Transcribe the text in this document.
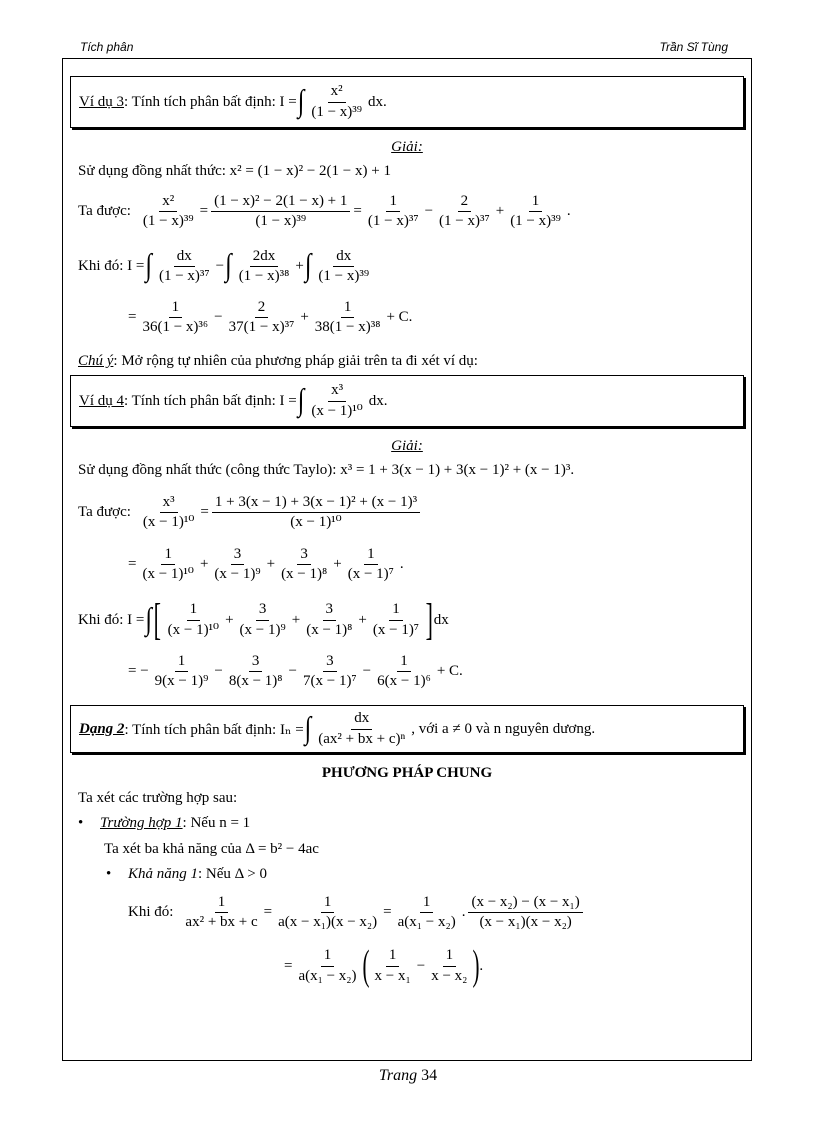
Tích phân	Trần Sĩ Tùng
Ví dụ 3 : Tính tích phân bất định: I = ∫ $\frac{\text{x²}}{\text{(1 − x)³⁹}}$ dx.
Giải:
Sử dụng đồng nhất thức: x² = (1 − x)² − 2(1 − x) + 1
Ta được: $\frac{\text{x²}}{\text{(1 − x)³⁹}} = \frac{\text{(1 − x)² − 2(1 − x) + 1}}{\text{(1 − x)³⁹}} = \frac{1}{\text{(1 − x)³⁷}} - \frac{2}{\text{(1 − x)³⁷}} + \frac{1}{\text{(1 − x)³⁹}}$ .
Khi đó: I = ∫ $\frac{dx}{\text{(1 − x)³⁷}}$ − ∫ $\frac{2dx}{\text{(1 − x)³⁸}}$ + ∫ $\frac{dx}{\text{(1 − x)³⁹}}$
= $\frac{1}{\text{36(1 − x)³⁶}} - \frac{2}{\text{37(1 − x)³⁷}} + \frac{1}{\text{38(1 − x)³⁸}} + C$.
Chú ý : Mở rộng tự nhiên của phương pháp giải trên ta đi xét ví dụ:
Ví dụ 4 : Tính tích phân bất định: I = ∫ $\frac{\text{x³}}{\text{(x − 1)¹⁰}}$ dx.
Giải:
Sử dụng đồng nhất thức (công thức Taylo): x³ = 1 + 3(x − 1) + 3(x − 1)² + (x − 1)³.
Ta được: $\frac{\text{x³}}{\text{(x − 1)¹⁰}} = \frac{\text{1 + 3(x − 1) + 3(x − 1)² + (x − 1)³}}{\text{(x − 1)¹⁰}}$
= $\frac{1}{\text{(x − 1)¹⁰}} + \frac{3}{\text{(x − 1)⁹}} + \frac{3}{\text{(x − 1)⁸}} + \frac{1}{\text{(x − 1)⁷}}$ .
Khi đó: I = ∫ [ $\frac{1}{\text{(x − 1)¹⁰}} + \frac{3}{\text{(x − 1)⁹}} + \frac{3}{\text{(x − 1)⁸}} + \frac{1}{\text{(x − 1)⁷}}$ ] dx
= − $\frac{1}{\text{9(x − 1)⁹}} - \frac{3}{\text{8(x − 1)⁸}} - \frac{3}{\text{7(x − 1)⁷}} - \frac{1}{\text{6(x − 1)⁶}} + C$.
Dạng 2 : Tính tích phân bất định: Iₙ = ∫ $\frac{dx}{\text{(ax² + bx + c)ⁿ}}$ , với a ≠ 0 và n nguyên dương.
PHƯƠNG PHÁP CHUNG
Ta xét các trường hợp sau:
•	Trường hợp 1 : Nếu n = 1
Ta xét ba khả năng của Δ = b² − 4ac
•	Khả năng 1 : Nếu Δ > 0
Khi đó: $\frac{1}{\text{ax² + bx + c}} = \frac{1}{\text{a(x − x₁)(x − x₂)}} = \frac{1}{\text{a(x₁ − x₂)}}$ . $\frac{\text{(x − x₂) − (x − x₁)}}{\text{(x − x₁)(x − x₂)}}$
= $\frac{1}{\text{a(x₁ − x₂)}}$ ( $\frac{1}{\text{x − x₁}} - \frac{1}{\text{x − x₂}}$ ) .
Trang 34
